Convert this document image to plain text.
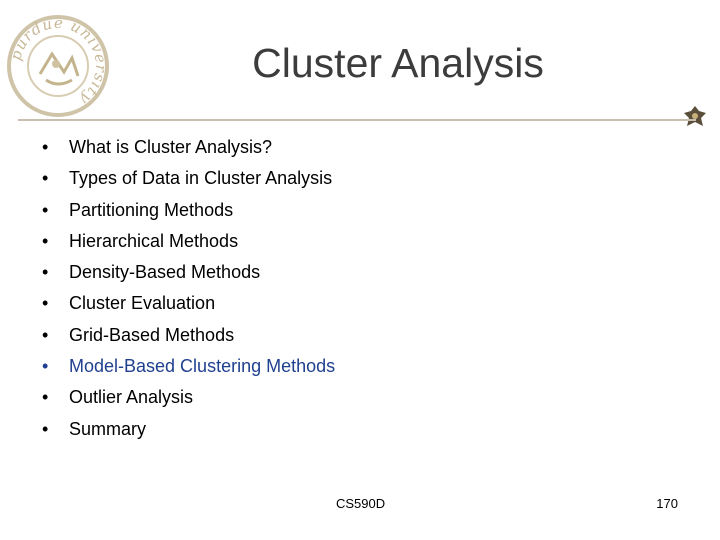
purdue university
Cluster Analysis
• What is Cluster Analysis?
• Types of Data in Cluster Analysis
• Partitioning Methods
• Hierarchical Methods
• Density-Based Methods
• Cluster Evaluation
• Grid-Based Methods
• Model-Based Clustering Methods
• Outlier Analysis
• Summary
CS590D	170
